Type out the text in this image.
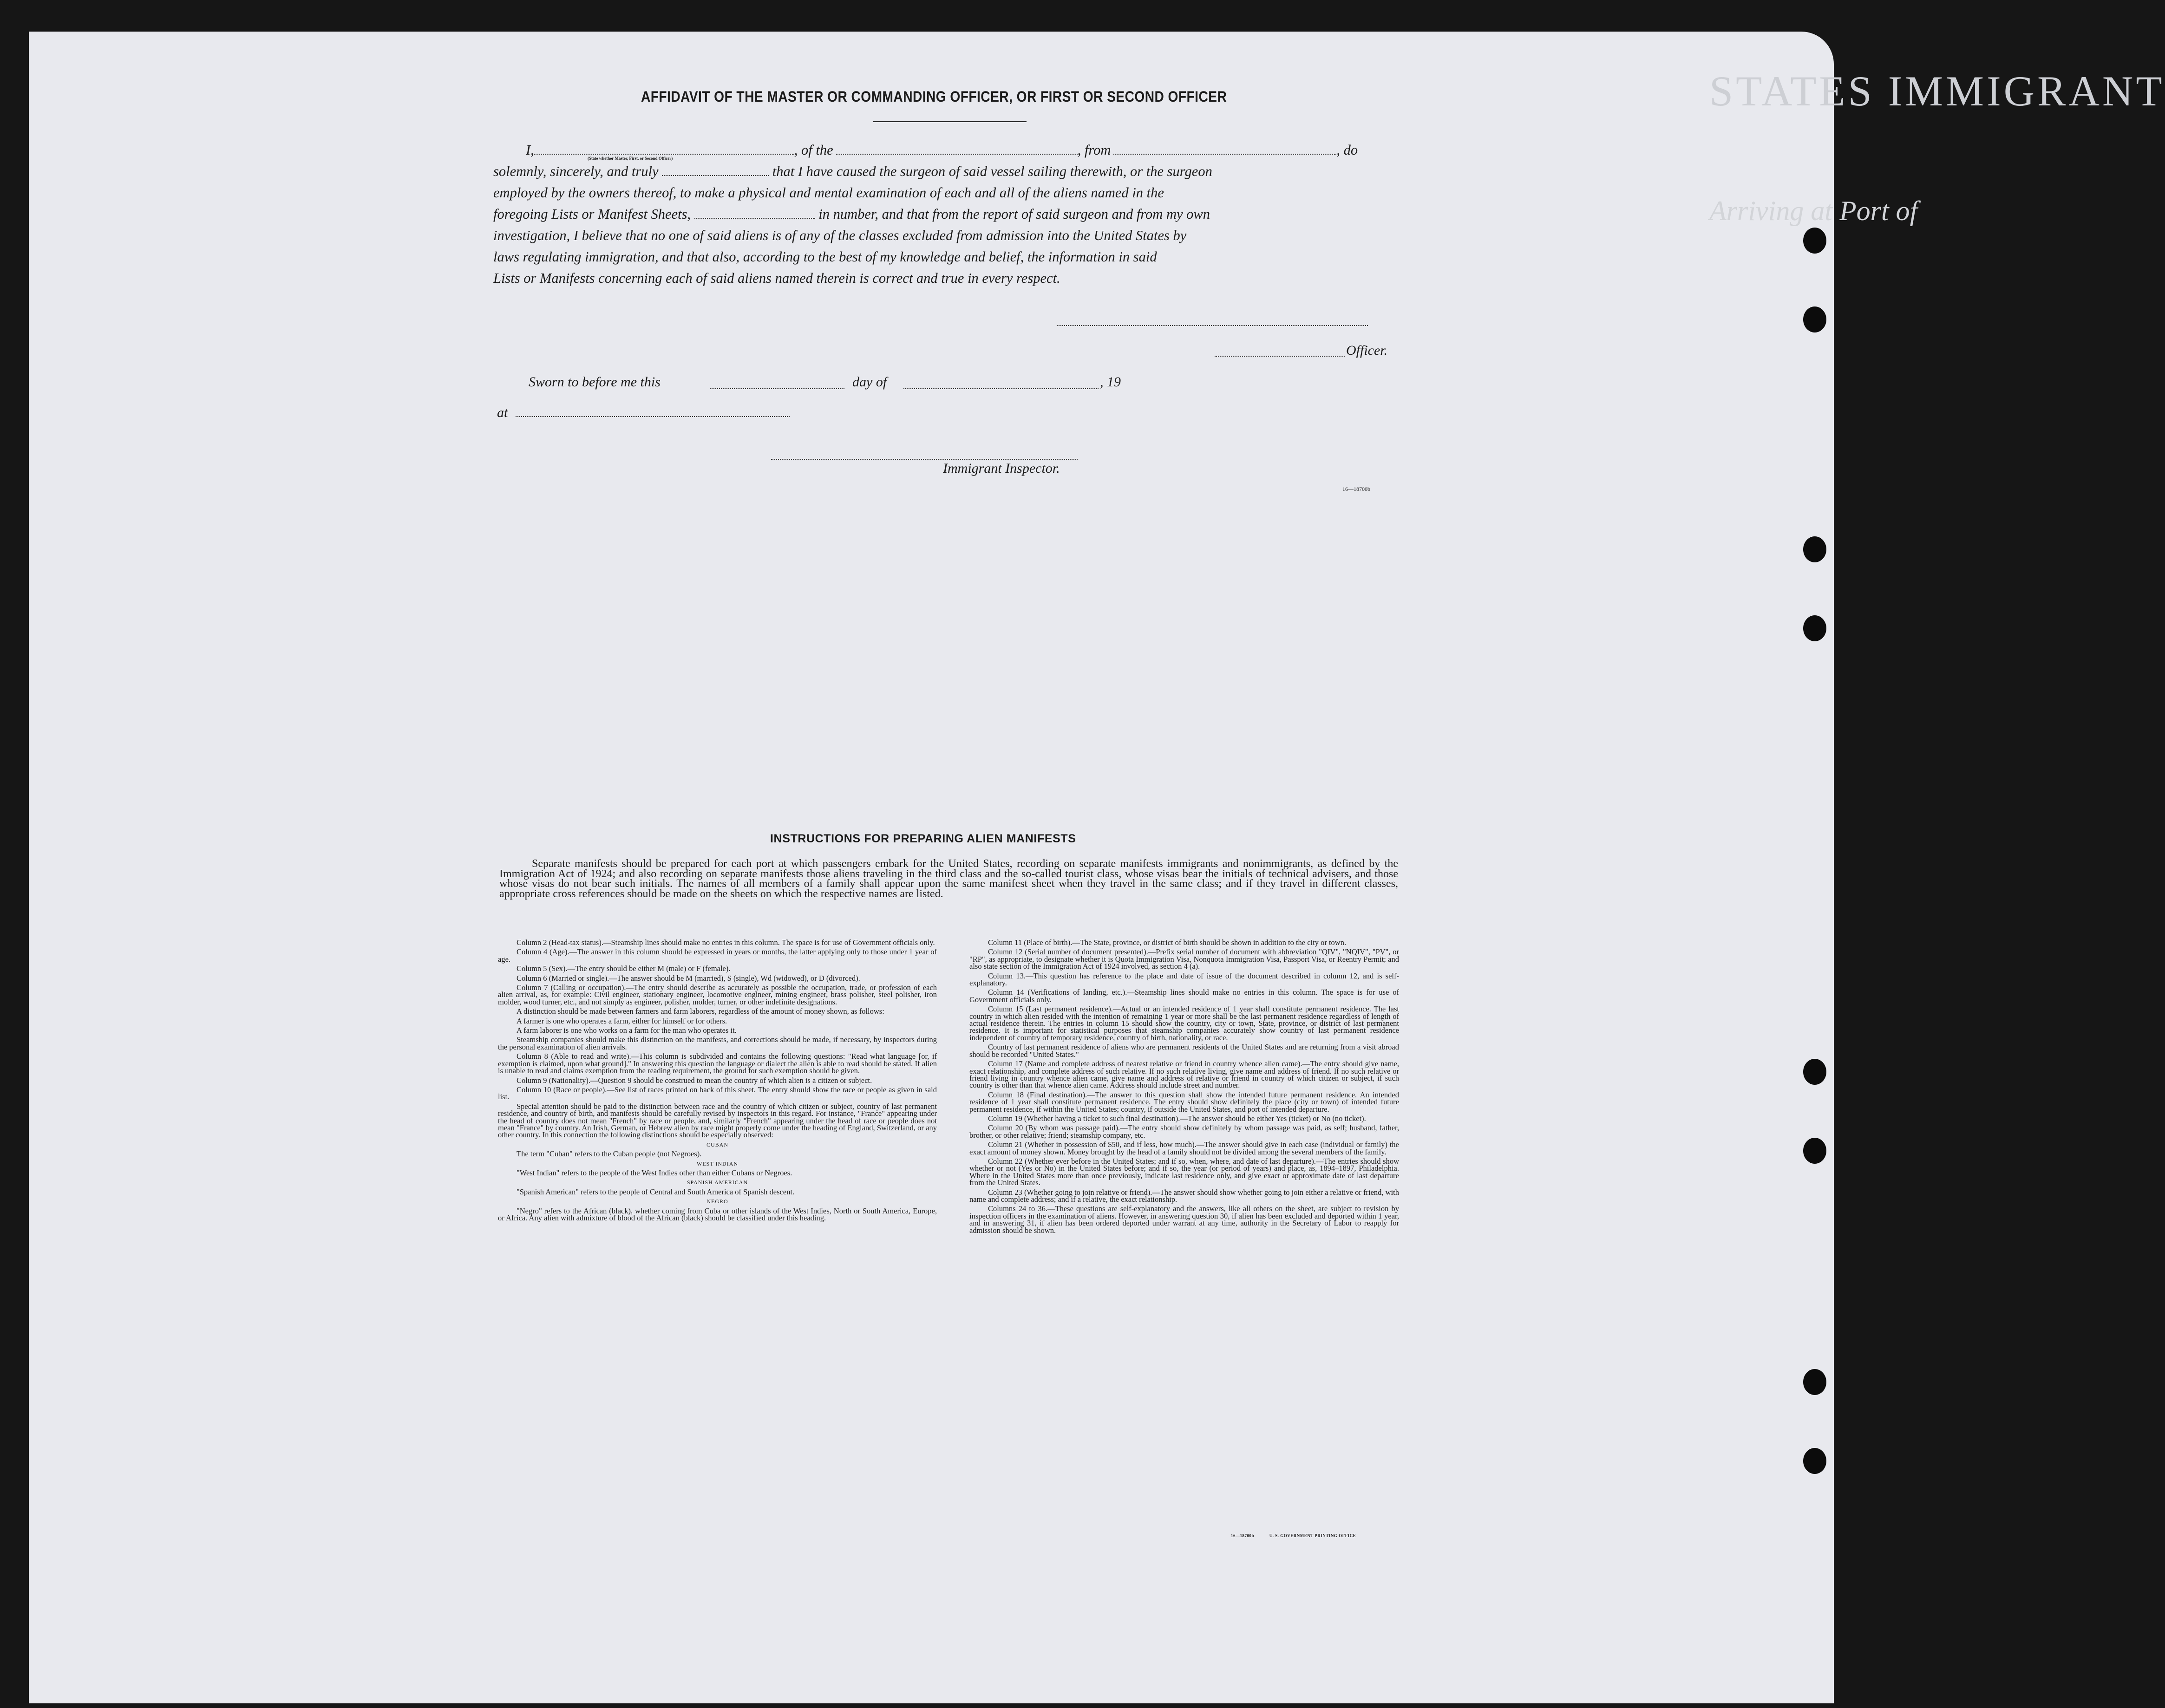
STATES IMMIGRANT
Arriving at Port of
AFFIDAVIT OF THE MASTER OR COMMANDING OFFICER, OR FIRST OR SECOND OFFICER
I,	, of the	, from	, do
solemnly, sincerely, and truly	that I have caused the surgeon of said vessel sailing therewith, or the surgeon
employed by the owners thereof, to make a physical and mental examination of each and all of the aliens named in the
foregoing Lists or Manifest Sheets,	in number, and that from the report of said surgeon and from my own
investigation, I believe that no one of said aliens is of any of the classes excluded from admission into the United States by
laws regulating immigration, and that also, according to the best of my knowledge and belief, the information in said
Lists or Manifests concerning each of said aliens named therein is correct and true in every respect.
(State whether Master, First, or Second Officer)
Officer.
Sworn to before me this	day of	, 19
at
Immigrant Inspector.
16—18700b
INSTRUCTIONS FOR PREPARING ALIEN MANIFESTS
Separate manifests should be prepared for each port at which passengers embark for the United States, recording on separate manifests immigrants and nonimmigrants, as defined by the Immigration Act of 1924; and also recording on separate manifests those aliens traveling in the third class and the so-called tourist class, whose visas bear the initials of technical advisers, and those whose visas do not bear such initials. The names of all members of a family shall appear upon the same manifest sheet when they travel in the same class; and if they travel in different classes, appropriate cross references should be made on the sheets on which the respective names are listed.

Column 2 (Head-tax status).—Steamship lines should make no entries in this column. The space is for use of Government officials only.

Column 4 (Age).—The answer in this column should be expressed in years or months, the latter applying only to those under 1 year of age.

Column 5 (Sex).—The entry should be either M (male) or F (female).

Column 6 (Married or single).—The answer should be M (married), S (single), Wd (widowed), or D (divorced).

Column 7 (Calling or occupation).—The entry should describe as accurately as possible the occupation, trade, or profession of each alien arrival, as, for example: Civil engineer, stationary engineer, locomotive engineer, mining engineer, brass polisher, steel polisher, iron molder, wood turner, etc., and not simply as engineer, polisher, molder, turner, or other indefinite designations.

A distinction should be made between farmers and farm laborers, regardless of the amount of money shown, as follows:

A farmer is one who operates a farm, either for himself or for others.

A farm laborer is one who works on a farm for the man who operates it.

Steamship companies should make this distinction on the manifests, and corrections should be made, if necessary, by inspectors during the personal examination of alien arrivals.

Column 8 (Able to read and write).—This column is subdivided and contains the following questions: "Read what language [or, if exemption is claimed, upon what ground]." In answering this question the language or dialect the alien is able to read should be stated. If alien is unable to read and claims exemption from the reading requirement, the ground for such exemption should be given.

Column 9 (Nationality).—Question 9 should be construed to mean the country of which alien is a citizen or subject.

Column 10 (Race or people).—See list of races printed on back of this sheet. The entry should show the race or people as given in said list.

Special attention should be paid to the distinction between race and the country of which citizen or subject, country of last permanent residence, and country of birth, and manifests should be carefully revised by inspectors in this regard. For instance, "France" appearing under the head of country does not mean "French" by race or people, and, similarly "French" appearing under the head of race or people does not mean "France" by country. An Irish, German, or Hebrew alien by race might properly come under the heading of England, Switzerland, or any other country. In this connection the following distinctions should be especially observed:

CUBAN

The term "Cuban" refers to the Cuban people (not Negroes).

WEST INDIAN

"West Indian" refers to the people of the West Indies other than either Cubans or Negroes.

SPANISH AMERICAN

"Spanish American" refers to the people of Central and South America of Spanish descent.

NEGRO

"Negro" refers to the African (black), whether coming from Cuba or other islands of the West Indies, North or South America, Europe, or Africa. Any alien with admixture of blood of the African (black) should be classified under this heading.

Column 11 (Place of birth).—The State, province, or district of birth should be shown in addition to the city or town.

Column 12 (Serial number of document presented).—Prefix serial number of document with abbreviation "QIV", "NQIV", "PV", or "RP", as appropriate, to designate whether it is Quota Immigration Visa, Nonquota Immigration Visa, Passport Visa, or Reentry Permit; and also state section of the Immigration Act of 1924 involved, as section 4 (a).

Column 13.—This question has reference to the place and date of issue of the document described in column 12, and is self-explanatory.

Column 14 (Verifications of landing, etc.).—Steamship lines should make no entries in this column. The space is for use of Government officials only.

Column 15 (Last permanent residence).—Actual or an intended residence of 1 year shall constitute permanent residence. The last country in which alien resided with the intention of remaining 1 year or more shall be the last permanent residence regardless of length of actual residence therein. The entries in column 15 should show the country, city or town, State, province, or district of last permanent residence. It is important for statistical purposes that steamship companies accurately show country of last permanent residence independent of country of temporary residence, country of birth, nationality, or race.

Country of last permanent residence of aliens who are permanent residents of the United States and are returning from a visit abroad should be recorded "United States."

Column 17 (Name and complete address of nearest relative or friend in country whence alien came).—The entry should give name, exact relationship, and complete address of such relative. If no such relative living, give name and address of friend. If no such relative or friend living in country whence alien came, give name and address of relative or friend in country of which citizen or subject, if such country is other than that whence alien came. Address should include street and number.

Column 18 (Final destination).—The answer to this question shall show the intended future permanent residence. An intended residence of 1 year shall constitute permanent residence. The entry should show definitely the place (city or town) of intended future permanent residence, if within the United States; country, if outside the United States, and port of intended departure.

Column 19 (Whether having a ticket to such final destination).—The answer should be either Yes (ticket) or No (no ticket).

Column 20 (By whom was passage paid).—The entry should show definitely by whom passage was paid, as self; husband, father, brother, or other relative; friend; steamship company, etc.

Column 21 (Whether in possession of $50, and if less, how much).—The answer should give in each case (individual or family) the exact amount of money shown. Money brought by the head of a family should not be divided among the several members of the family.

Column 22 (Whether ever before in the United States; and if so, when, where, and date of last departure).—The entries should show whether or not (Yes or No) in the United States before; and if so, the year (or period of years) and place, as, 1894–1897, Philadelphia. Where in the United States more than once previously, indicate last residence only, and give exact or approximate date of last departure from the United States.

Column 23 (Whether going to join relative or friend).—The answer should show whether going to join either a relative or friend, with name and complete address; and if a relative, the exact relationship.

Columns 24 to 36.—These questions are self-explanatory and the answers, like all others on the sheet, are subject to revision by inspection officers in the examination of aliens. However, in answering question 30, if alien has been excluded and deported within 1 year, and in answering 31, if alien has been ordered deported under warrant at any time, authority in the Secretary of Labor to reapply for admission should be shown.

16—18700b	U. S. GOVERNMENT PRINTING OFFICE
